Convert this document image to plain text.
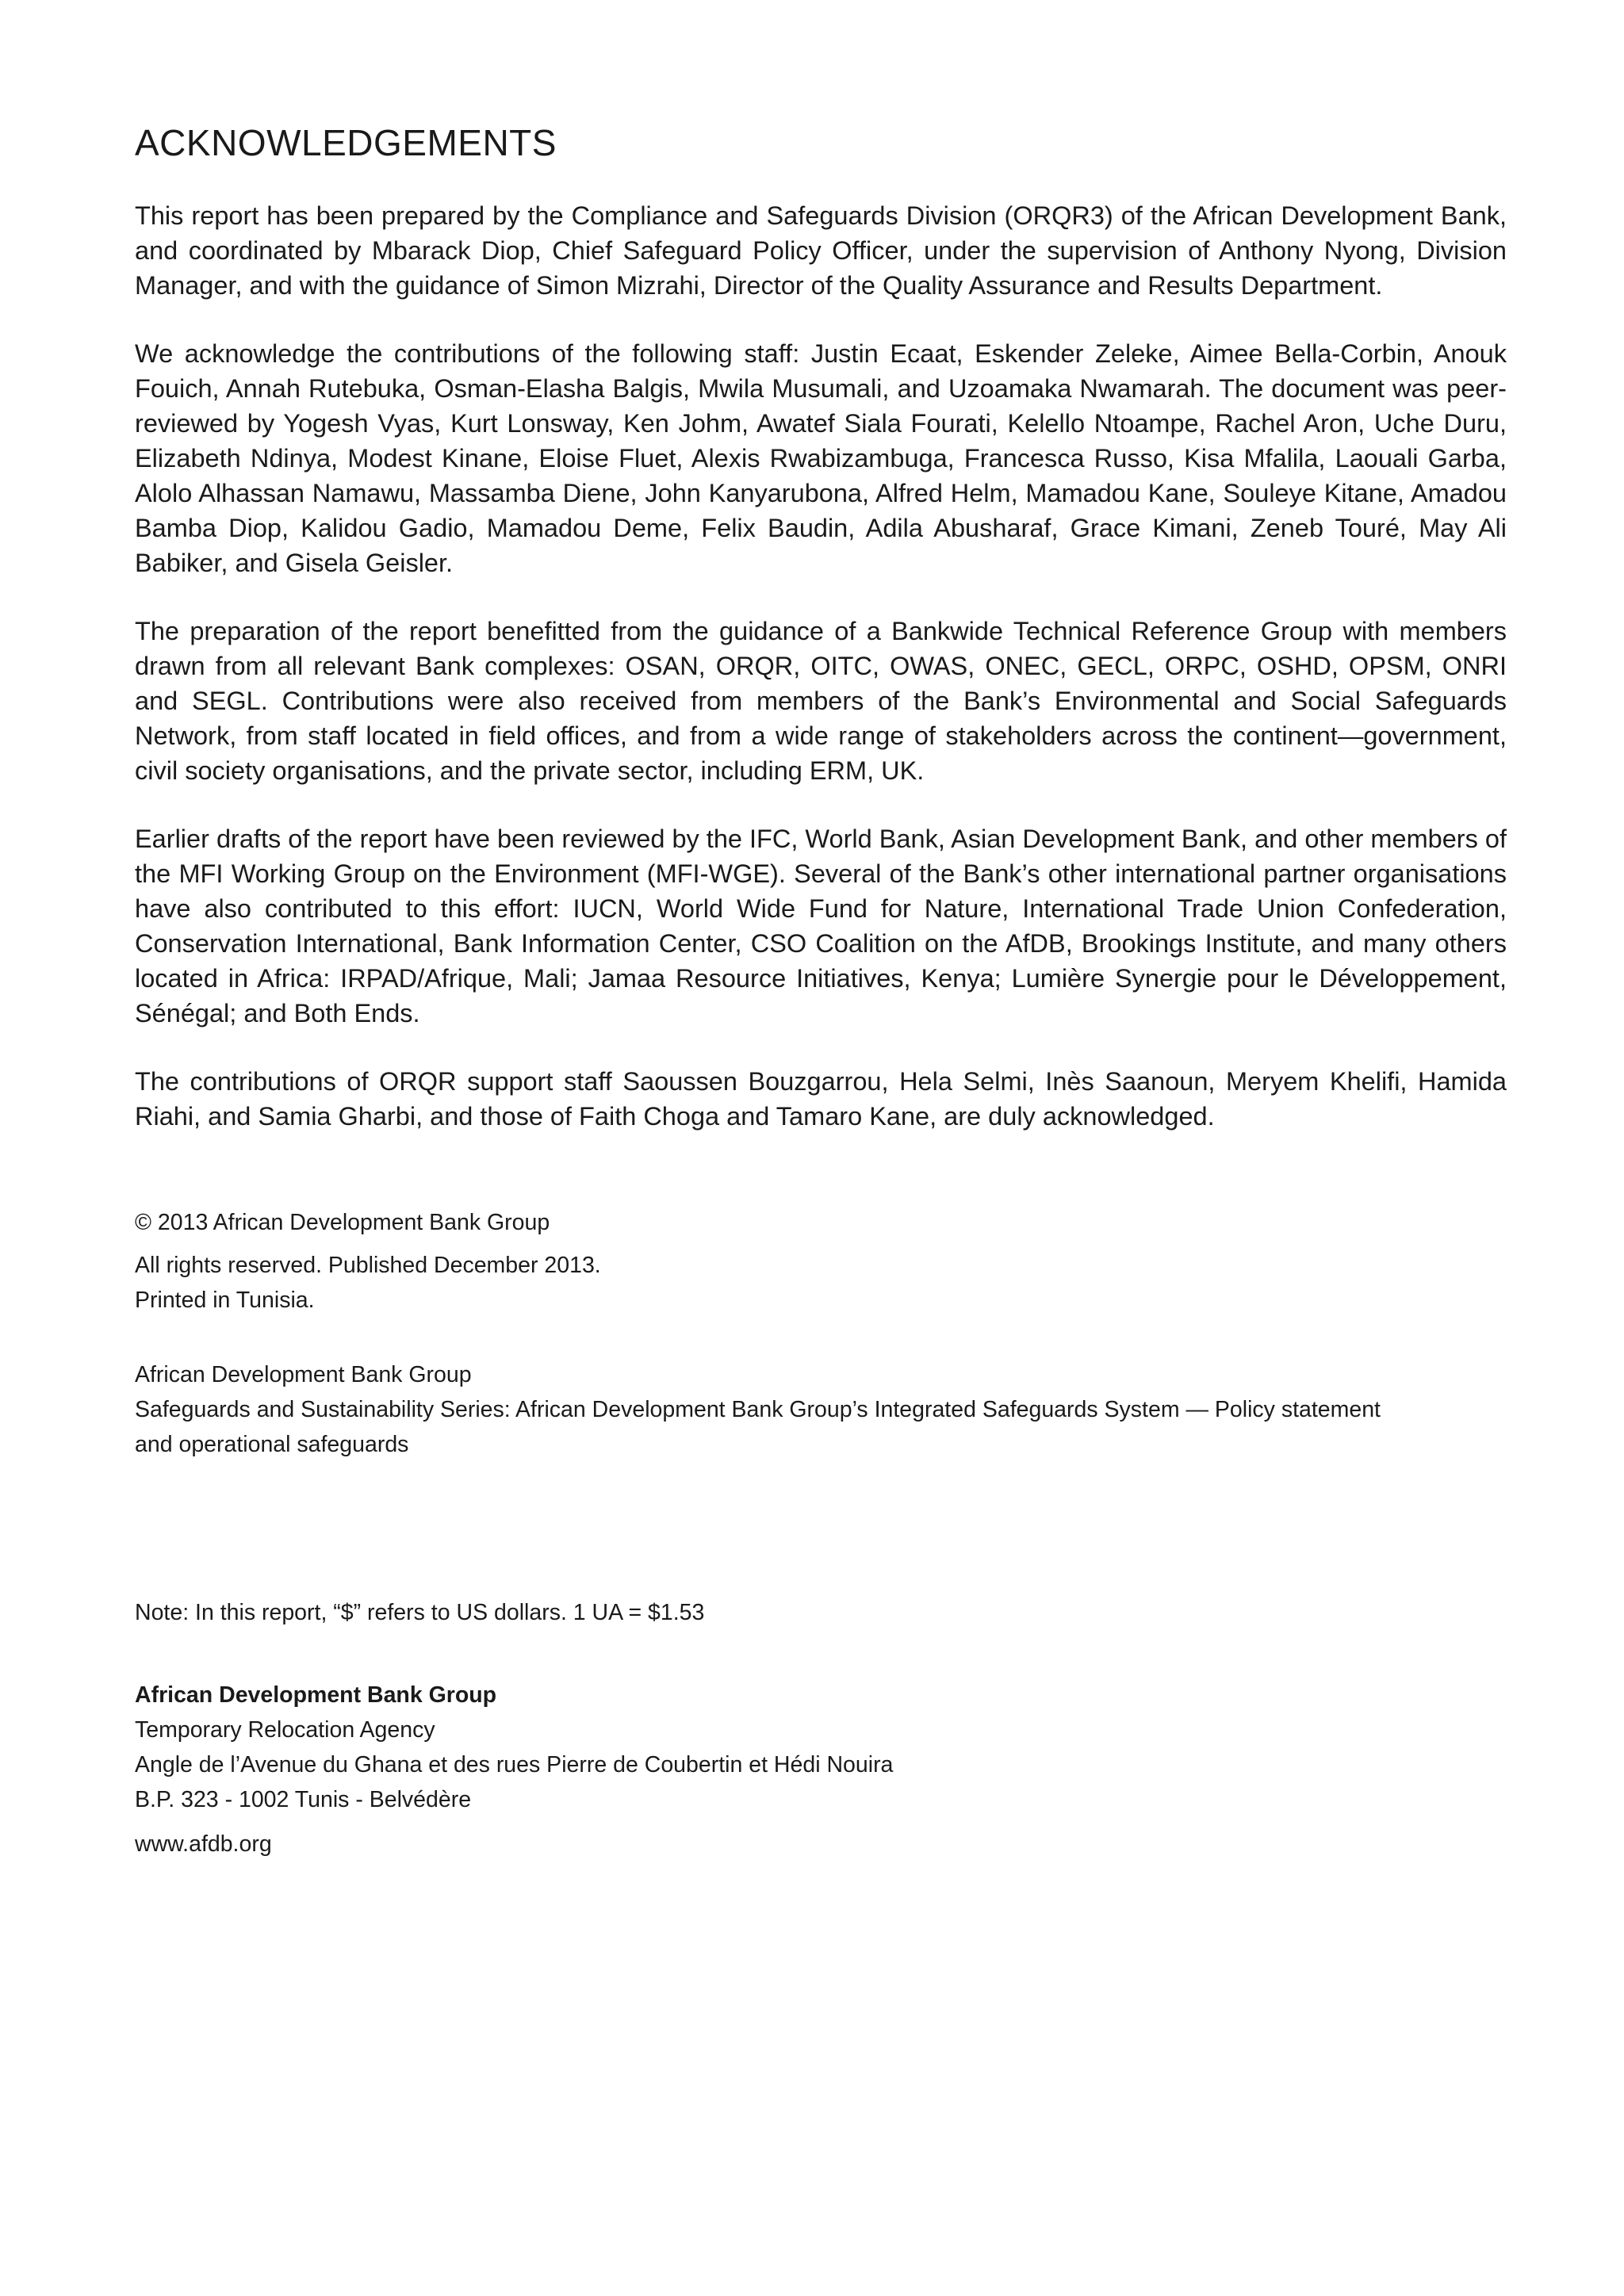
ACKNOWLEDGEMENTS

This report has been prepared by the Compliance and Safeguards Division (ORQR3) of the African Development Bank, and coordinated by Mbarack Diop, Chief Safeguard Policy Officer, under the supervision of Anthony Nyong, Division Manager, and with the guidance of Simon Mizrahi, Director of the Quality Assurance and Results Department.

We acknowledge the contributions of the following staff: Justin Ecaat, Eskender Zeleke, Aimee Bella-Corbin, Anouk Fouich, Annah Rutebuka, Osman-Elasha Balgis, Mwila Musumali, and Uzoamaka Nwamarah. The document was peer-reviewed by Yogesh Vyas, Kurt Lonsway, Ken Johm, Awatef Siala Fourati, Kelello Ntoampe, Rachel Aron, Uche Duru, Elizabeth Ndinya, Modest Kinane, Eloise Fluet, Alexis Rwabizambuga, Francesca Russo, Kisa Mfalila, Laouali Garba, Alolo Alhassan Namawu, Massamba Diene, John Kanyarubona, Alfred Helm, Mamadou Kane, Souleye Kitane, Amadou Bamba Diop, Kalidou Gadio, Mamadou Deme, Felix Baudin, Adila Abusharaf, Grace Kimani, Zeneb Touré, May Ali Babiker, and Gisela Geisler.

The preparation of the report benefitted from the guidance of a Bankwide Technical Reference Group with members drawn from all relevant Bank complexes: OSAN, ORQR, OITC, OWAS, ONEC, GECL, ORPC, OSHD, OPSM, ONRI and SEGL. Contributions were also received from members of the Bank’s Environmental and Social Safeguards Network, from staff located in field offices, and from a wide range of stakeholders across the continent—government, civil society organisations, and the private sector, including ERM, UK.

Earlier drafts of the report have been reviewed by the IFC, World Bank, Asian Development Bank, and other members of the MFI Working Group on the Environment (MFI-WGE). Several of the Bank’s other international partner organisations have also contributed to this effort: IUCN, World Wide Fund for Nature, International Trade Union Confederation, Conservation International, Bank Information Center, CSO Coalition on the AfDB, Brookings Institute, and many others located in Africa: IRPAD/Afrique, Mali; Jamaa Resource Initiatives, Kenya; Lumière Synergie pour le Développement, Sénégal; and Both Ends.

The contributions of ORQR support staff Saoussen Bouzgarrou, Hela Selmi, Inès Saanoun, Meryem Khelifi, Hamida Riahi, and Samia Gharbi, and those of Faith Choga and Tamaro Kane, are duly acknowledged.

© 2013 African Development Bank Group
All rights reserved. Published December 2013.
Printed in Tunisia.
African Development Bank Group
Safeguards and Sustainability Series: African Development Bank Group’s Integrated Safeguards System — Policy statement
and operational safeguards
Note: In this report, “$” refers to US dollars. 1 UA = $1.53
African Development Bank Group
Temporary Relocation Agency
Angle de l’Avenue du Ghana et des rues Pierre de Coubertin et Hédi Nouira
B.P. 323 - 1002 Tunis - Belvédère
www.afdb.org
